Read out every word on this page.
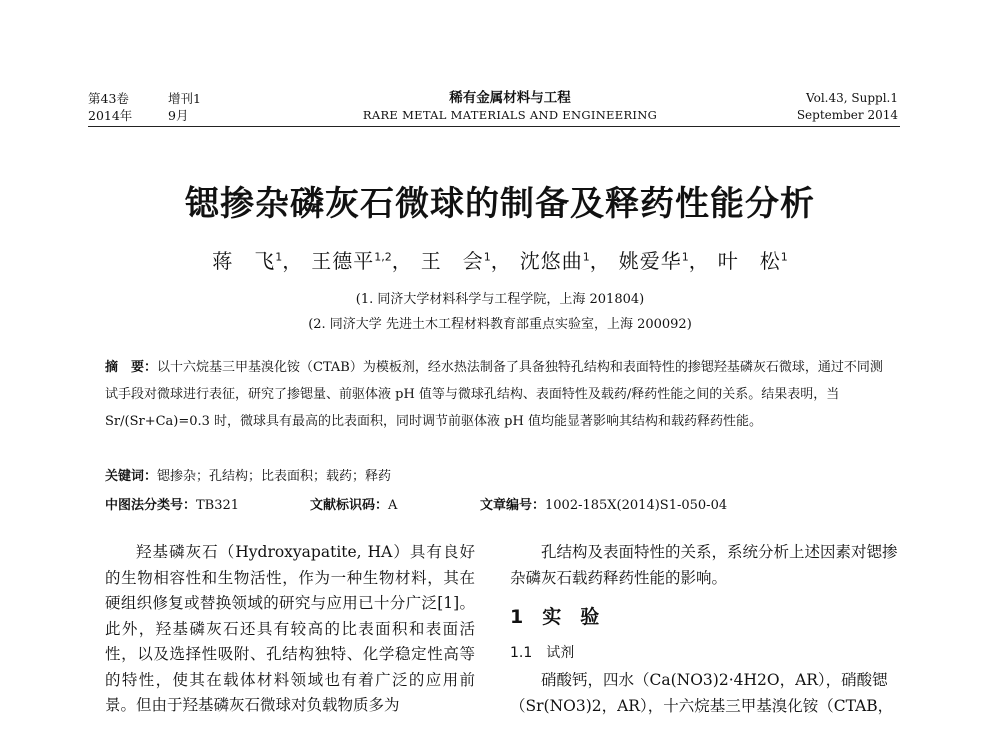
第43卷
2014年
增刊1
9月
稀有金属材料与工程
RARE METAL MATERIALS AND ENGINEERING
Vol.43, Suppl.1
September 2014
锶掺杂磷灰石微球的制备及释药性能分析
蒋　飞$^1$， 王德平$^{1,2}$， 王　会$^1$， 沈悠曲$^1$， 姚爱华$^1$， 叶　松$^1$
(1. 同济大学材料科学与工程学院，上海 201804)
(2. 同济大学 先进土木工程材料教育部重点实验室，上海 200092)
摘　要：以十六烷基三甲基溴化铵（CTAB）为模板剂，经水热法制备了具备独特孔结构和表面特性的掺锶羟基磷灰石微球，通过不同测试手段对微球进行表征，研究了掺锶量、前驱体液 pH 值等与微球孔结构、表面特性及载药/释药性能之间的关系。结果表明，当 Sr/(Sr+Ca)=0.3 时，微球具有最高的比表面积，同时调节前驱体液 pH 值均能显著影响其结构和载药释药性能。
关键词：锶掺杂；孔结构；比表面积；载药；释药
中图法分类号：TB321	文献标识码：A	文章编号：1002-185X(2014)S1-050-04

羟基磷灰石（Hydroxyapatite, HA）具有良好的生物相容性和生物活性，作为一种生物材料，其在硬组织修复或替换领域的研究与应用已十分广泛[1]。此外，羟基磷灰石还具有较高的比表面积和表面活性，以及选择性吸附、孔结构独特、化学稳定性高等的特性，使其在载体材料领域也有着广泛的应用前景。但由于羟基磷灰石微球对负载物质多为

孔结构及表面特性的关系，系统分析上述因素对锶掺杂磷灰石载药释药性能的影响。

1　实　验
1.1　试剂

硝酸钙，四水（Ca(NO3)2·4H2O，AR），硝酸锶（Sr(NO3)2，AR），十六烷基三甲基溴化铵（CTAB，
